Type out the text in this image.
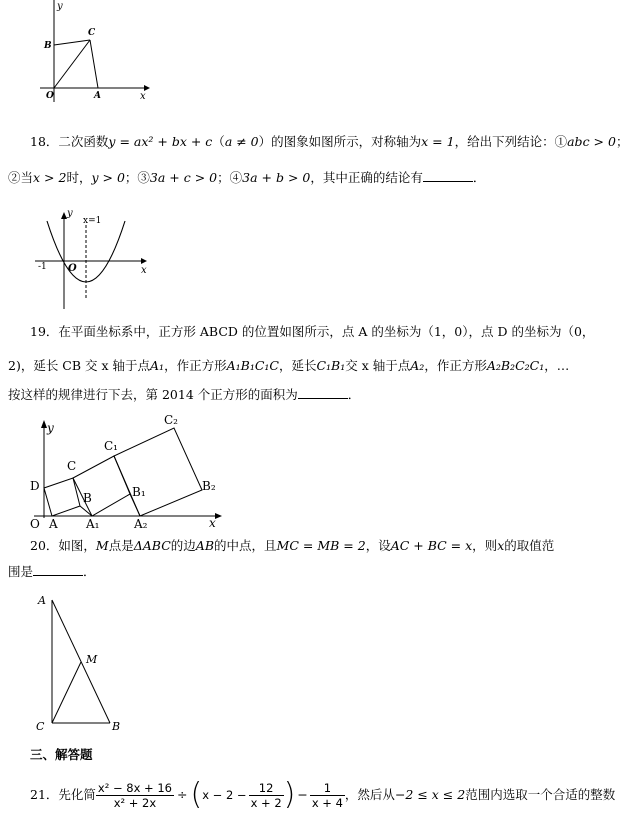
y
x
B
C
O	A
18．二次函数y = ax² + bx + c（a ≠ 0）的图象如图所示，对称轴为x = 1，给出下列结论：①abc > 0；
②当x > 2时，y > 0；③3a + c > 0；④3a + b > 0，其中正确的结论有	．
y
x
-1 O
x=1
19．在平面坐标系中，正方形 ABCD 的位置如图所示，点 A 的坐标为（1，0），点 D 的坐标为（0，
2)，延长 CB 交 x 轴于点A₁，作正方形A₁B₁C₁C，延长C₁B₁交 x 轴于点A₂，作正方形A₂B₂C₂C₁，…
按这样的规律进行下去，第 2014 个正方形的面积为	．
y
x
D
C
B
C₁
B₁
C₂
B₂
O A A₁	A₂
20．如图，M点是ΔABC的边AB的中点，且MC = MB = 2，设AC + BC = x，则x的取值范
围是	．
A
M
C	B
三、解答题
21．先化简 $\frac{\text{x² − 8x + 16}}{\text{x² + 2x}}$ ÷ ( $x - 2 - \frac{12}{x + 2}$ ) − $\frac{1}{x + 4}$ ，然后从 −2 ≤ x ≤ 2 范围内选取一个合适的整数
